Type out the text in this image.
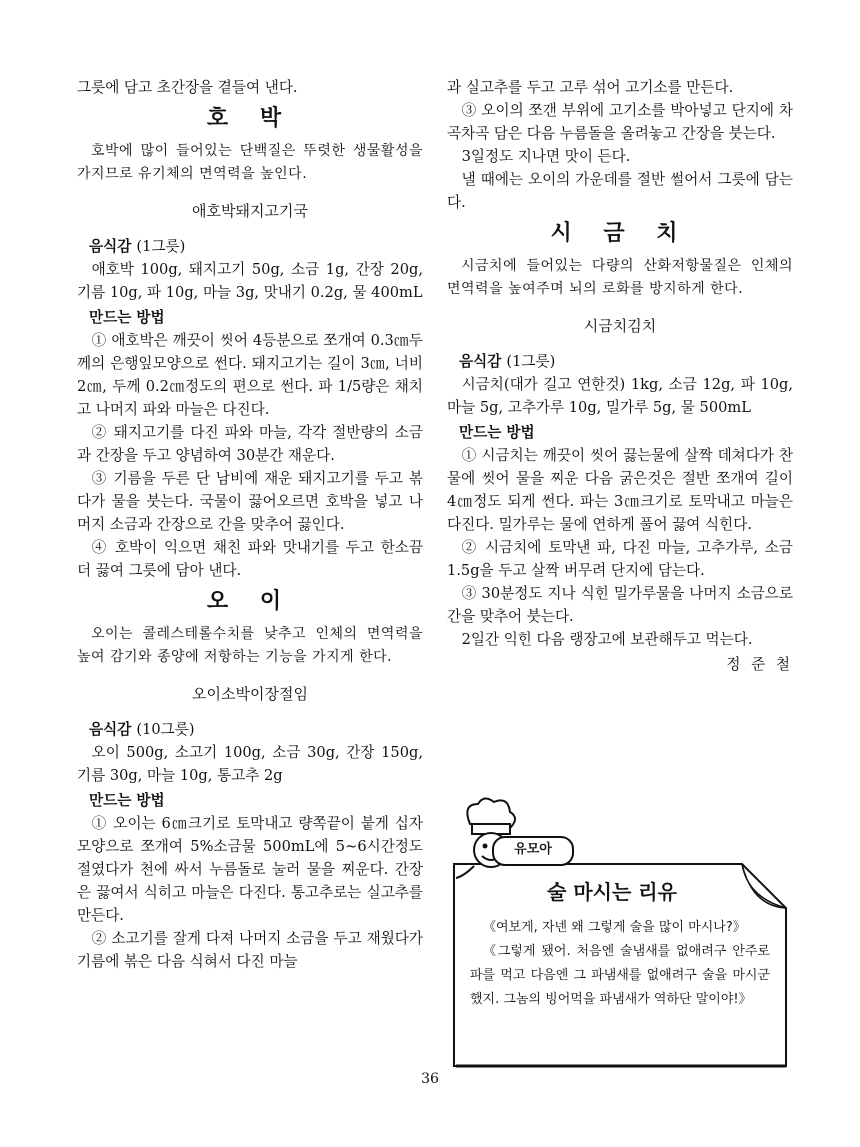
그릇에 담고 초간장을 곁들여 낸다.

호 박

호박에 많이 들어있는 단백질은 뚜렷한 생물활성을 가지므로 유기체의 면역력을 높인다.

애호박돼지고기국

음식감 (1그릇)

애호박 100g, 돼지고기 50g, 소금 1g, 간장 20g, 기름 10g, 파 10g, 마늘 3g, 맛내기 0.2g, 물 400mL

만드는 방법

① 애호박은 깨끗이 씻어 4등분으로 쪼개여 0.3㎝두께의 은행잎모양으로 썬다. 돼지고기는 길이 3㎝, 너비 2㎝, 두께 0.2㎝정도의 편으로 썬다. 파 1/5량은 채치고 나머지 파와 마늘은 다진다.

② 돼지고기를 다진 파와 마늘, 각각 절반량의 소금과 간장을 두고 양념하여 30분간 재운다.

③ 기름을 두른 단 남비에 재운 돼지고기를 두고 볶다가 물을 붓는다. 국물이 끓어오르면 호박을 넣고 나머지 소금과 간장으로 간을 맞추어 끓인다.

④ 호박이 익으면 채친 파와 맛내기를 두고 한소끔 더 끓여 그릇에 담아 낸다.

오 이

오이는 콜레스테롤수치를 낮추고 인체의 면역력을 높여 감기와 종양에 저항하는 기능을 가지게 한다.

오이소박이장절임

음식감 (10그릇)

오이 500g, 소고기 100g, 소금 30g, 간장 150g, 기름 30g, 마늘 10g, 통고추 2g

만드는 방법

① 오이는 6㎝크기로 토막내고 량쪽끝이 붙게 십자모양으로 쪼개여 5%소금물 500mL에 5~6시간정도 절였다가 천에 싸서 누름돌로 눌러 물을 찌운다. 간장은 끓여서 식히고 마늘은 다진다. 통고추로는 실고추를 만든다.

② 소고기를 잘게 다져 나머지 소금을 두고 재웠다가 기름에 볶은 다음 식혀서 다진 마늘

과 실고추를 두고 고루 섞어 고기소를 만든다.

③ 오이의 쪼갠 부위에 고기소를 박아넣고 단지에 차곡차곡 담은 다음 누름돌을 올려놓고 간장을 붓는다.

3일정도 지나면 맛이 든다.

낼 때에는 오이의 가운데를 절반 썰어서 그릇에 담는다.

시 금 치

시금치에 들어있는 다량의 산화저항물질은 인체의 면역력을 높여주며 뇌의 로화를 방지하게 한다.

시금치김치

음식감 (1그릇)

시금치(대가 길고 연한것) 1kg, 소금 12g, 파 10g, 마늘 5g, 고추가루 10g, 밀가루 5g, 물 500mL

만드는 방법

① 시금치는 깨끗이 씻어 끓는물에 살짝 데쳐다가 찬물에 씻어 물을 찌운 다음 굵은것은 절반 쪼개여 길이 4㎝정도 되게 썬다. 파는 3㎝크기로 토막내고 마늘은 다진다. 밀가루는 물에 연하게 풀어 끓여 식힌다.

② 시금치에 토막낸 파, 다진 마늘, 고추가루, 소금 1.5g을 두고 살짝 버무려 단지에 담는다.

③ 30분정도 지나 식힌 밀가루물을 나머지 소금으로 간을 맞추어 붓는다.

2일간 익힌 다음 랭장고에 보관해두고 먹는다.

정 준 철

유모아
술 마시는 리유

《여보게, 자넨 왜 그렇게 술을 많이 마시나?》

《그렇게 됐어. 처음엔 술냄새를 없애려구 안주로 파를 먹고 다음엔 그 파냄새를 없애려구 술을 마시군했지. 그놈의 빙어먹을 파냄새가 역하단 말이야!》

36
